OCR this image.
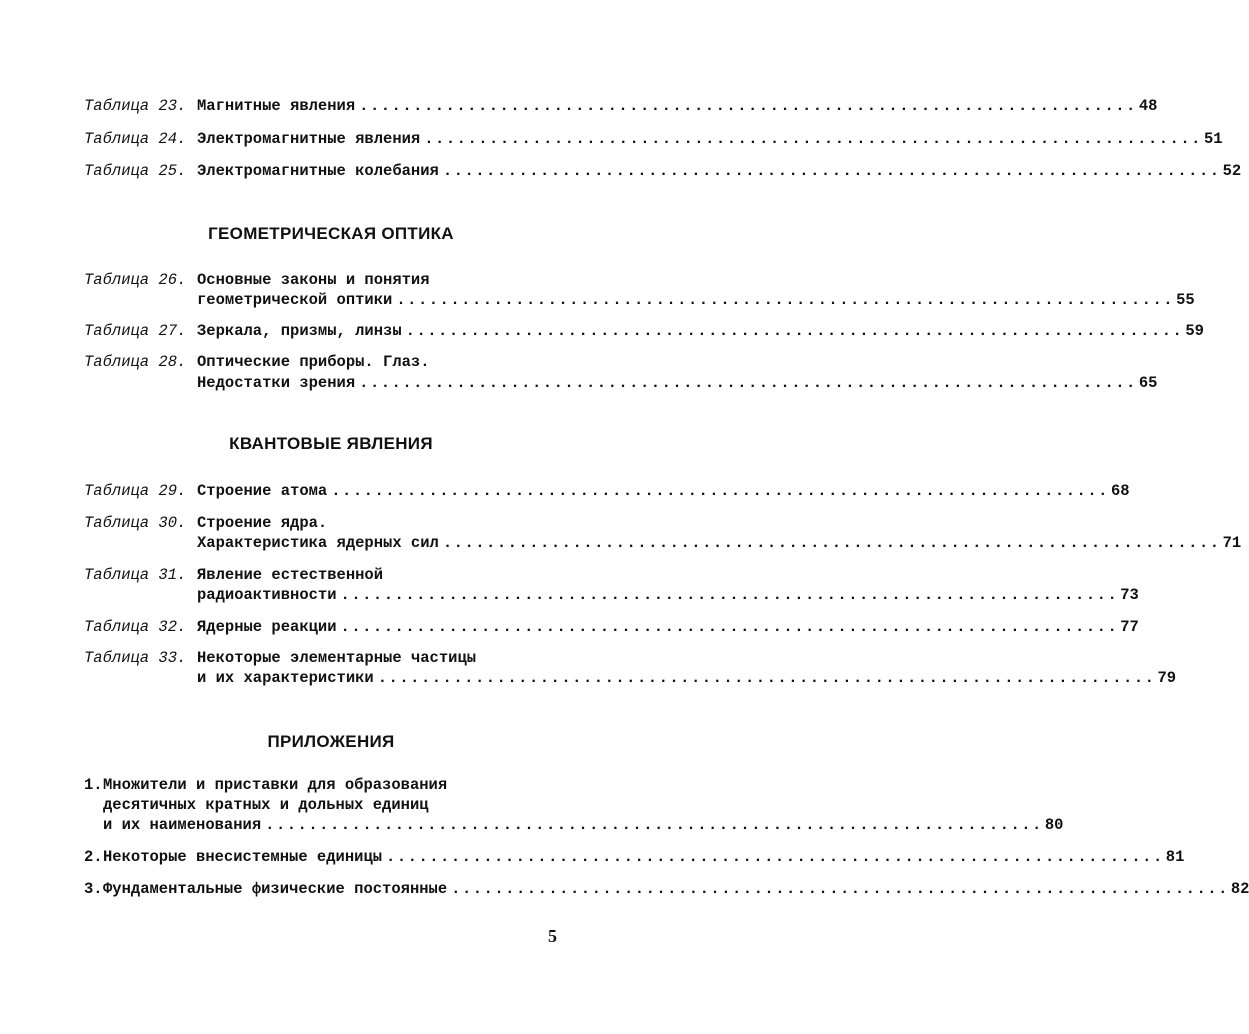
Таблица 23. Магнитные явления ........................................................................ 48
Таблица 24. Электромагнитные явления ........................................................................ 51
Таблица 25. Электромагнитные колебания ........................................................................ 52
ГЕОМЕТРИЧЕСКАЯ ОПТИКА
Таблица 26. Основные законы и понятия
геометрической оптики ........................................................................ 55
Таблица 27. Зеркала, призмы, линзы ........................................................................ 59
Таблица 28. Оптические приборы. Глаз.
Недостатки зрения ........................................................................ 65
КВАНТОВЫЕ ЯВЛЕНИЯ
Таблица 29. Строение атома ........................................................................ 68
Таблица 30. Строение ядра.
Характеристика ядерных сил ........................................................................ 71
Таблица 31. Явление естественной
радиоактивности ........................................................................ 73
Таблица 32. Ядерные реакции ........................................................................ 77
Таблица 33. Некоторые элементарные частицы
и их характеристики ........................................................................ 79
ПРИЛОЖЕНИЯ
1. Множители и приставки для образования
десятичных кратных и дольных единиц
и их наименования ........................................................................ 80
2. Некоторые внесистемные единицы ........................................................................ 81
3. Фундаментальные физические постоянные ........................................................................ 82
5
